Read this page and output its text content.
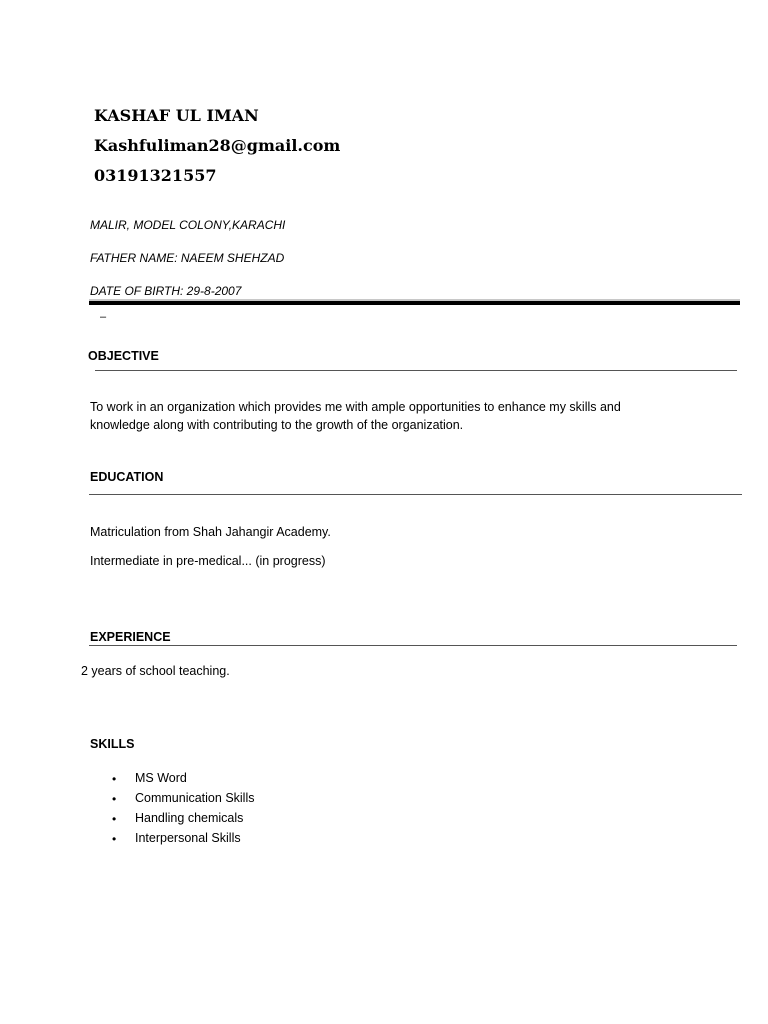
KASHAF UL IMAN
Kashfuliman28@gmail.com
03191321557
MALIR, MODEL COLONY,KARACHI
FATHER NAME: NAEEM SHEHZAD
DATE OF BIRTH: 29-8-2007
–
OBJECTIVE
To work in an organization which provides me with ample opportunities to enhance my skills and
knowledge along with contributing to the growth of the organization.
EDUCATION
Matriculation from Shah Jahangir Academy.
Intermediate in pre-medical... (in progress)
EXPERIENCE
2 years of school teaching.
SKILLS
• MS Word
• Communication Skills
• Handling chemicals
• Interpersonal Skills
